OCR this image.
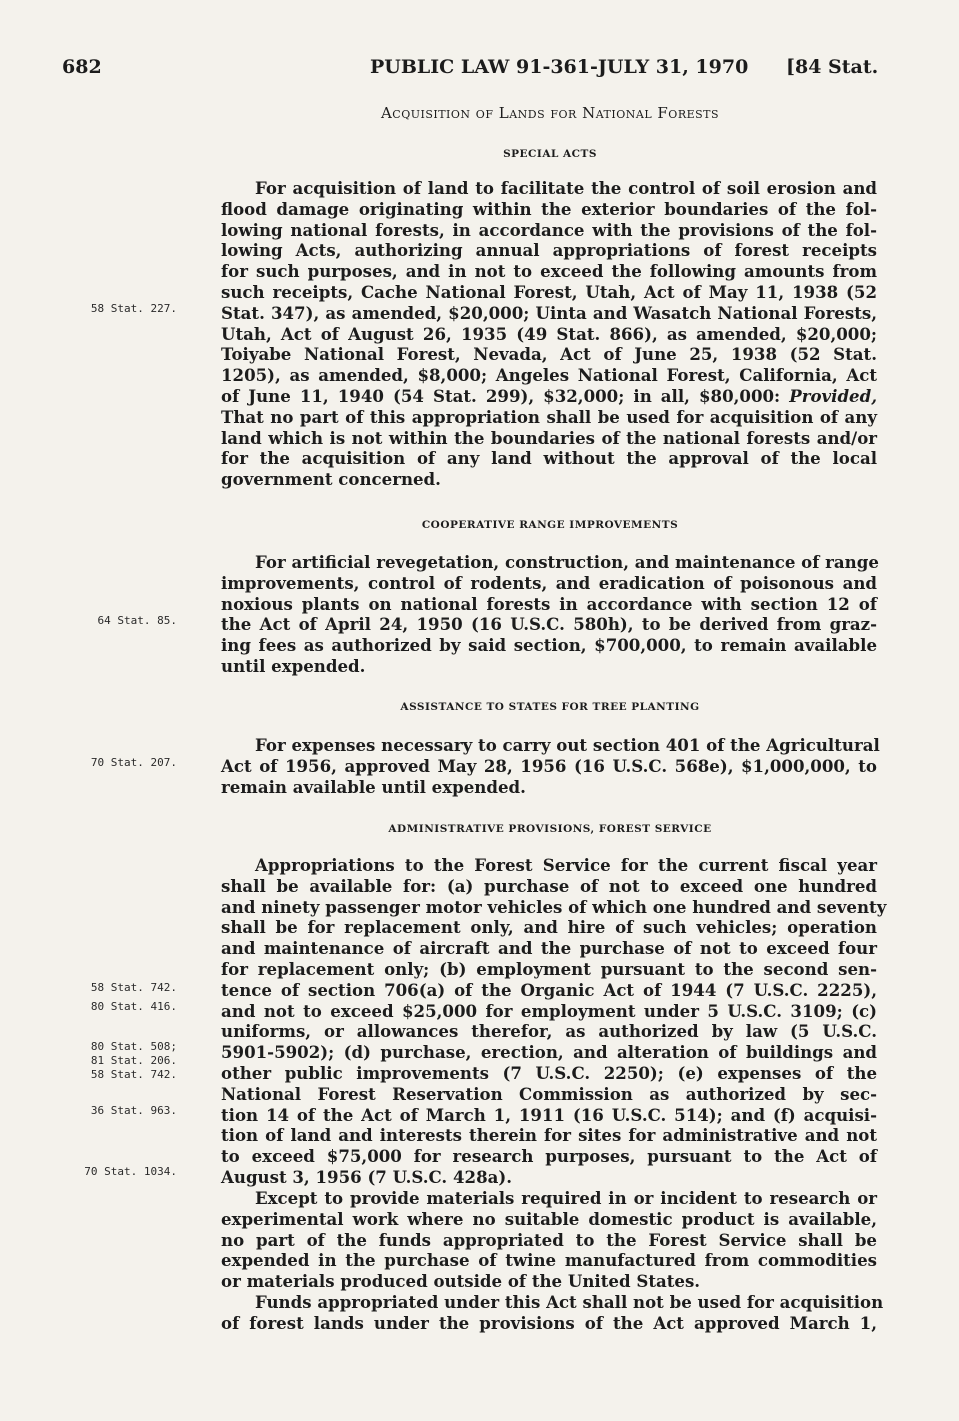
682	PUBLIC LAW 91-361-JULY 31, 1970 [84 Stat.
Acquisition of Lands for National Forests
SPECIAL ACTS
For acquisition of land to facilitate the control of soil erosion and
flood damage originating within the exterior boundaries of the fol-
lowing national forests, in accordance with the provisions of the fol-
lowing Acts, authorizing annual appropriations of forest receipts
for such purposes, and in not to exceed the following amounts from
such receipts, Cache National Forest, Utah, Act of May 11, 1938 (52
Stat. 347), as amended, $20,000; Uinta and Wasatch National Forests,
Utah, Act of August 26, 1935 (49 Stat. 866), as amended, $20,000;
Toiyabe National Forest, Nevada, Act of June 25, 1938 (52 Stat.
1205), as amended, $8,000; Angeles National Forest, California, Act
of June 11, 1940 (54 Stat. 299), $32,000; in all, $80,000: Provided,
That no part of this appropriation shall be used for acquisition of any
land which is not within the boundaries of the national forests and/or
for the acquisition of any land without the approval of the local
government concerned.
COOPERATIVE RANGE IMPROVEMENTS
For artificial revegetation, construction, and maintenance of range
improvements, control of rodents, and eradication of poisonous and
noxious plants on national forests in accordance with section 12 of
the Act of April 24, 1950 (16 U.S.C. 580h), to be derived from graz-
ing fees as authorized by said section, $700,000, to remain available
until expended.
ASSISTANCE TO STATES FOR TREE PLANTING
For expenses necessary to carry out section 401 of the Agricultural
Act of 1956, approved May 28, 1956 (16 U.S.C. 568e), $1,000,000, to
remain available until expended.
ADMINISTRATIVE PROVISIONS, FOREST SERVICE
Appropriations to the Forest Service for the current fiscal year
shall be available for: (a) purchase of not to exceed one hundred
and ninety passenger motor vehicles of which one hundred and seventy
shall be for replacement only, and hire of such vehicles; operation
and maintenance of aircraft and the purchase of not to exceed four
for replacement only; (b) employment pursuant to the second sen-
tence of section 706(a) of the Organic Act of 1944 (7 U.S.C. 2225),
and not to exceed $25,000 for employment under 5 U.S.C. 3109; (c)
uniforms, or allowances therefor, as authorized by law (5 U.S.C.
5901-5902); (d) purchase, erection, and alteration of buildings and
other public improvements (7 U.S.C. 2250); (e) expenses of the
National Forest Reservation Commission as authorized by sec-
tion 14 of the Act of March 1, 1911 (16 U.S.C. 514); and (f) acquisi-
tion of land and interests therein for sites for administrative and not
to exceed $75,000 for research purposes, pursuant to the Act of
August 3, 1956 (7 U.S.C. 428a).
Except to provide materials required in or incident to research or
experimental work where no suitable domestic product is available,
no part of the funds appropriated to the Forest Service shall be
expended in the purchase of twine manufactured from commodities
or materials produced outside of the United States.
Funds appropriated under this Act shall not be used for acquisition
of forest lands under the provisions of the Act approved March 1,
58 Stat. 227.
64 Stat. 85.
70 Stat. 207.
58 Stat. 742.
80 Stat. 416.
80 Stat. 508;
81 Stat. 206.
58 Stat. 742.
36 Stat. 963.
70 Stat. 1034.
